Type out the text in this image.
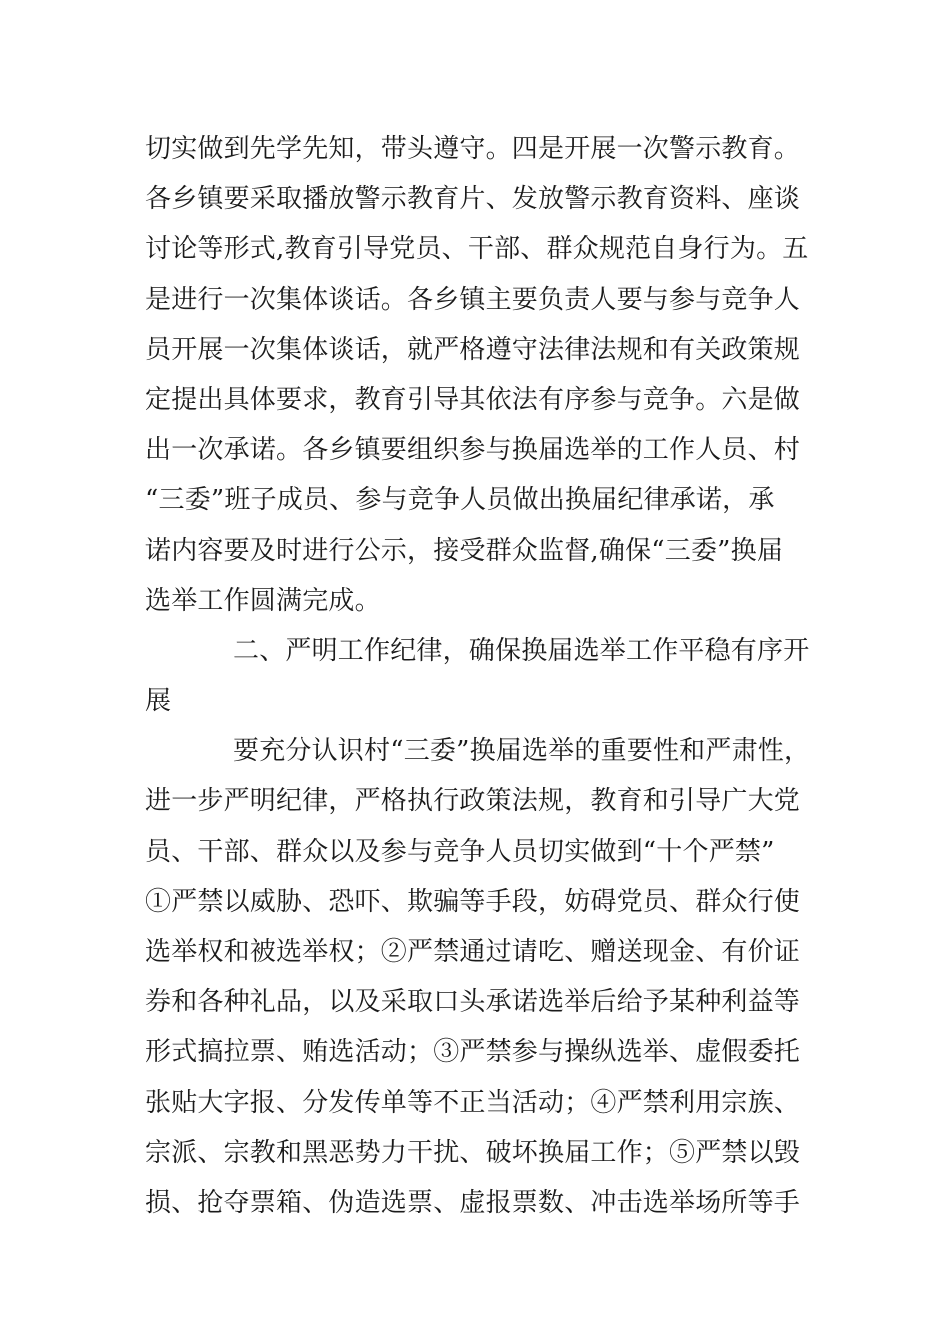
切实做到先学先知，带头遵守。四是开展一次警示教育。
各乡镇要采取播放警示教育片、发放警示教育资料、座谈
讨论等形式,教育引导党员、干部、群众规范自身行为。五
是进行一次集体谈话。各乡镇主要负责人要与参与竞争人
员开展一次集体谈话，就严格遵守法律法规和有关政策规
定提出具体要求，教育引导其依法有序参与竞争。六是做
出一次承诺。各乡镇要组织参与换届选举的工作人员、村
“三委”班子成员、参与竞争人员做出换届纪律承诺，承
诺内容要及时进行公示，接受群众监督,确保“三委”换届
选举工作圆满完成。
二、严明工作纪律，确保换届选举工作平稳有序开
展
要充分认识村“三委”换届选举的重要性和严肃性，
进一步严明纪律，严格执行政策法规，教育和引导广大党
员、干部、群众以及参与竞争人员切实做到“十个严禁”
①严禁以威胁、恐吓、欺骗等手段，妨碍党员、群众行使
选举权和被选举权；②严禁通过请吃、赠送现金、有价证
券和各种礼品，以及采取口头承诺选举后给予某种利益等
形式搞拉票、贿选活动；③严禁参与操纵选举、虚假委托
张贴大字报、分发传单等不正当活动；④严禁利用宗族、
宗派、宗教和黑恶势力干扰、破坏换届工作；⑤严禁以毁
损、抢夺票箱、伪造选票、虚报票数、冲击选举场所等手
